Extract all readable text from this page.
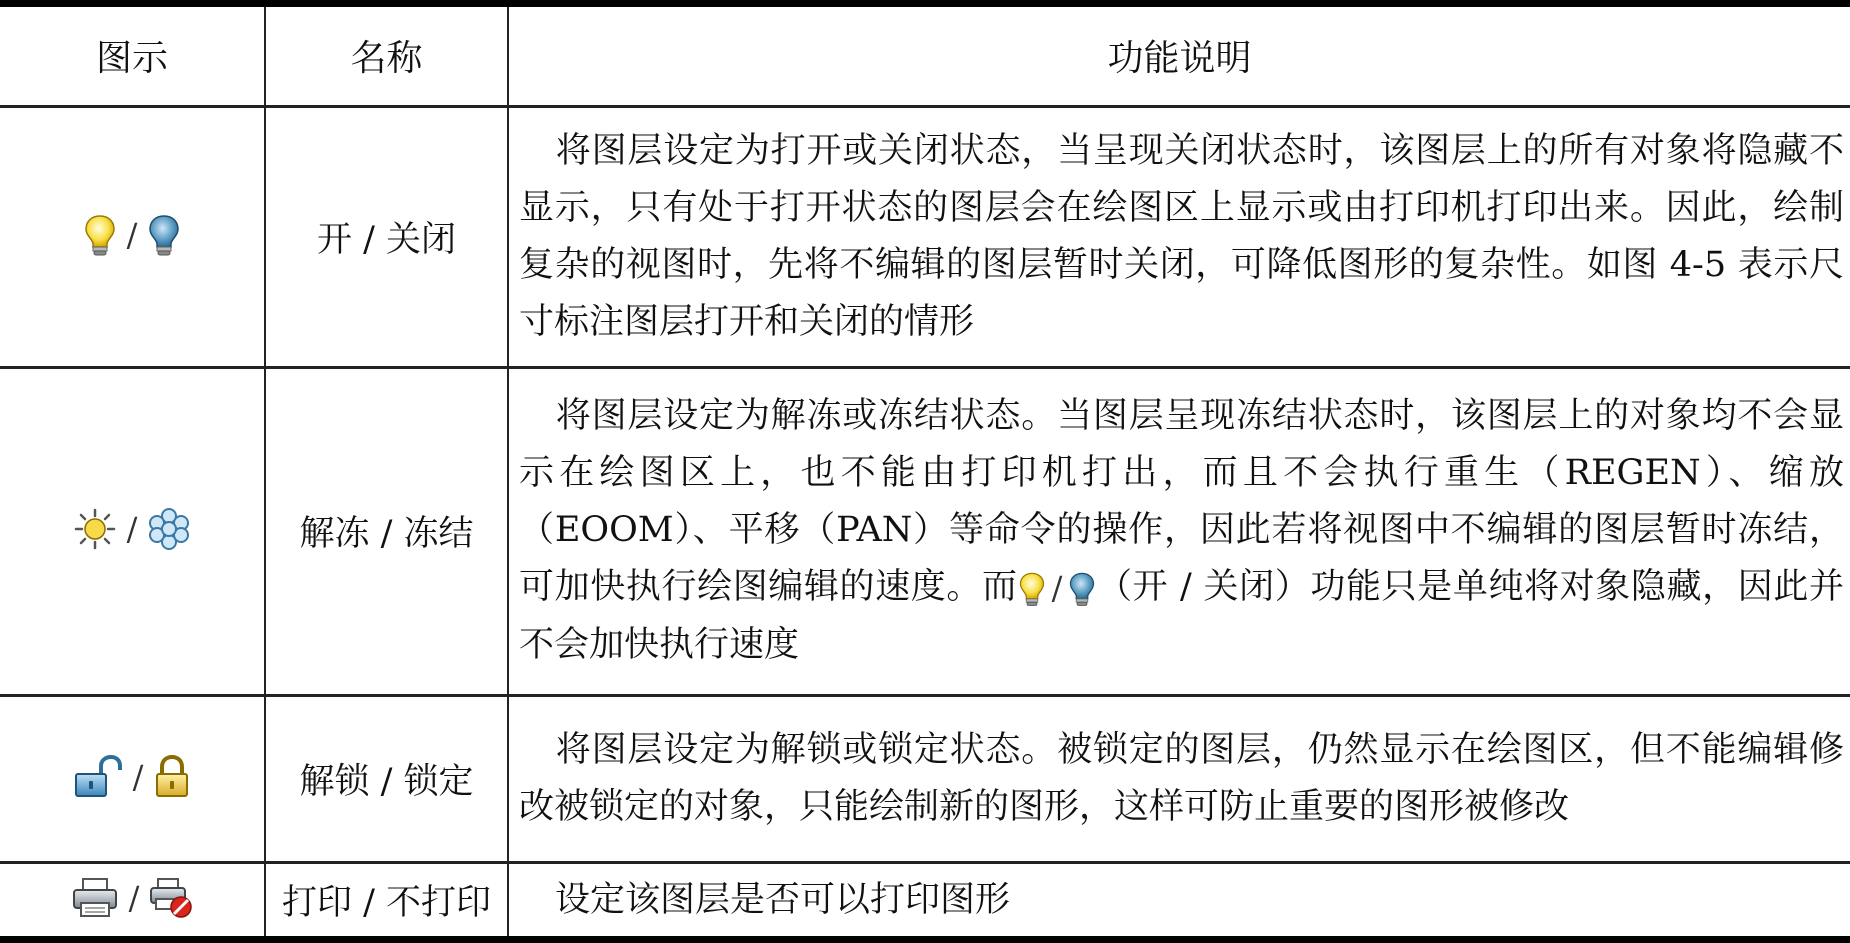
图示	名称	功能说明

/	开 / 关闭	将图层设定为打开或关闭状态，当呈现关闭状态时，该图层上的所有对象将隐藏不显示，只有处于打开状态的图层会在绘图区上显示或由打印机打印出来。因此，绘制复杂的视图时，先将不编辑的图层暂时关闭，可降低图形的复杂性。如图 4-5 表示尺寸标注图层打开和关闭的情形

/	解冻 / 冻结	将图层设定为解冻或冻结状态。当图层呈现冻结状态时，该图层上的对象均不会显示在绘图区上，也不能由打印机打出，而且不会执行重生（REGEN）、缩放（EOOM）、平移（PAN）等命令的操作，因此若将视图中不编辑的图层暂时冻结，可加快执行绘图编辑的速度。而 / （开 / 关闭）功能只是单纯将对象隐藏，因此并不会加快执行速度

/	解锁 / 锁定	将图层设定为解锁或锁定状态。被锁定的图层，仍然显示在绘图区，但不能编辑修改被锁定的对象，只能绘制新的图形，这样可防止重要的图形被修改

/	打印 / 不打印	设定该图层是否可以打印图形
